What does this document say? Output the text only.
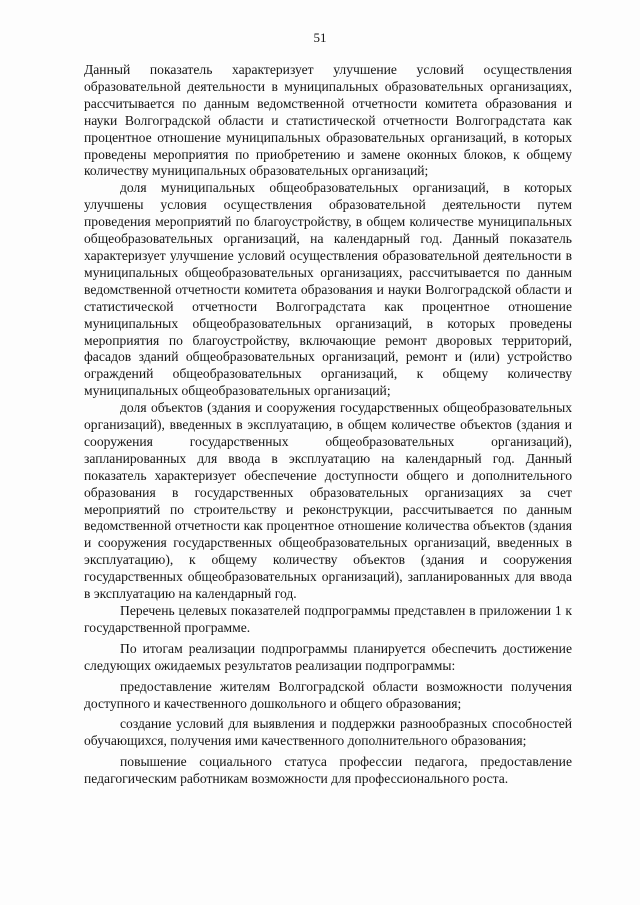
51

Данный показатель характеризует улучшение условий осуществления образовательной деятельности в муниципальных образовательных организациях, рассчитывается по данным ведомственной отчетности комитета образования и науки Волгоградской области и статистической отчетности Волгоградстата как процентное отношение муниципальных образовательных организаций, в которых проведены мероприятия по приобретению и замене оконных блоков, к общему количеству муниципальных образовательных организаций;

доля муниципальных общеобразовательных организаций, в которых улучшены условия осуществления образовательной деятельности путем проведения мероприятий по благоустройству, в общем количестве муниципальных общеобразовательных организаций, на календарный год. Данный показатель характеризует улучшение условий осуществления образовательной деятельности в муниципальных общеобразовательных организациях, рассчитывается по данным ведомственной отчетности комитета образования и науки Волгоградской области и статистической отчетности Волгоградстата как процентное отношение муниципальных общеобразовательных организаций, в которых проведены мероприятия по благоустройству, включающие ремонт дворовых территорий, фасадов зданий общеобразовательных организаций, ремонт и (или) устройство ограждений общеобразовательных организаций, к общему количеству муниципальных общеобразовательных организаций;

доля объектов (здания и сооружения государственных общеобразовательных организаций), введенных в эксплуатацию, в общем количестве объектов (здания и сооружения государственных общеобразовательных организаций), запланированных для ввода в эксплуатацию на календарный год. Данный показатель характеризует обеспечение доступности общего и дополнительного образования в государственных образовательных организациях за счет мероприятий по строительству и реконструкции, рассчитывается по данным ведомственной отчетности как процентное отношение количества объектов (здания и сооружения государственных общеобразовательных организаций, введенных в эксплуатацию), к общему количеству объектов (здания и сооружения государственных общеобразовательных организаций), запланированных для ввода в эксплуатацию на календарный год.

Перечень целевых показателей подпрограммы представлен в приложении 1 к государственной программе.

По итогам реализации подпрограммы планируется обеспечить достижение следующих ожидаемых результатов реализации подпрограммы:

предоставление жителям Волгоградской области возможности получения доступного и качественного дошкольного и общего образования;

создание условий для выявления и поддержки разнообразных способностей обучающихся, получения ими качественного дополнительного образования;

повышение социального статуса профессии педагога, предоставление педагогическим работникам возможности для профессионального роста.
